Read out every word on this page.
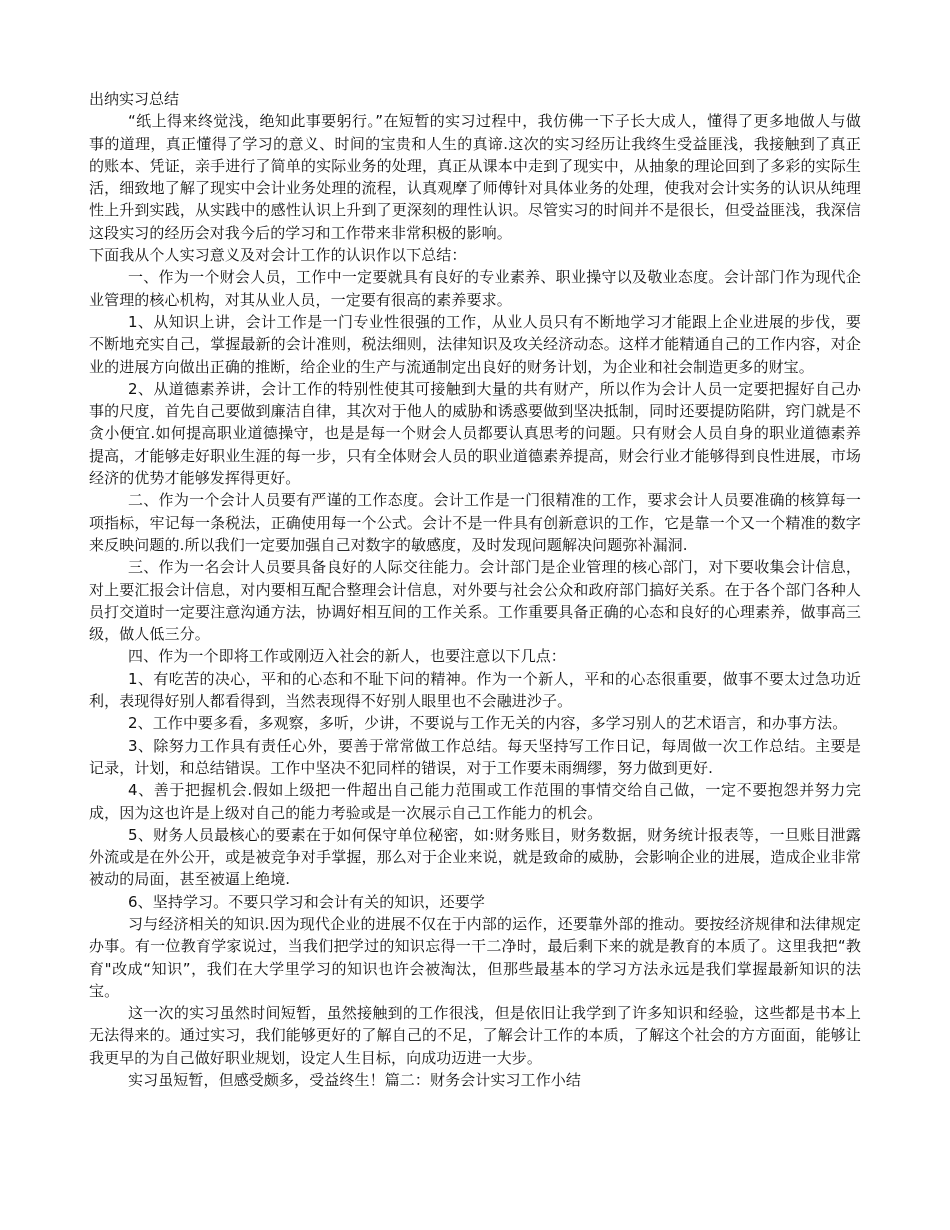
出纳实习总结

“纸上得来终觉浅，绝知此事要躬行。”在短暂的实习过程中，我仿佛一下子长大成人，懂得了更多地做人与做事的道理，真正懂得了学习的意义、时间的宝贵和人生的真谛.这次的实习经历让我终生受益匪浅，我接触到了真正的账本、凭证，亲手进行了简单的实际业务的处理，真正从课本中走到了现实中，从抽象的理论回到了多彩的实际生活，细致地了解了现实中会计业务处理的流程，认真观摩了师傅针对具体业务的处理，使我对会计实务的认识从纯理性上升到实践，从实践中的感性认识上升到了更深刻的理性认识。尽管实习的时间并不是很长，但受益匪浅，我深信这段实习的经历会对我今后的学习和工作带来非常积极的影响。

下面我从个人实习意义及对会计工作的认识作以下总结：

一、作为一个财会人员，工作中一定要就具有良好的专业素养、职业操守以及敬业态度。会计部门作为现代企业管理的核心机构，对其从业人员，一定要有很高的素养要求。

1、从知识上讲，会计工作是一门专业性很强的工作，从业人员只有不断地学习才能跟上企业进展的步伐，要不断地充实自己，掌握最新的会计准则，税法细则，法律知识及攻关经济动态。这样才能精通自己的工作内容，对企业的进展方向做出正确的推断，给企业的生产与流通制定出良好的财务计划，为企业和社会制造更多的财宝。

2、从道德素养讲，会计工作的特别性使其可接触到大量的共有财产，所以作为会计人员一定要把握好自己办事的尺度，首先自己要做到廉洁自律，其次对于他人的威胁和诱惑要做到坚决抵制，同时还要提防陷阱，窍门就是不贪小便宜.如何提高职业道德操守，也是是每一个财会人员都要认真思考的问题。只有财会人员自身的职业道德素养提高，才能够走好职业生涯的每一步，只有全体财会人员的职业道德素养提高，财会行业才能够得到良性进展，市场经济的优势才能够发挥得更好。

二、作为一个会计人员要有严谨的工作态度。会计工作是一门很精准的工作，要求会计人员要准确的核算每一项指标，牢记每一条税法，正确使用每一个公式。会计不是一件具有创新意识的工作，它是靠一个又一个精准的数字来反映问题的.所以我们一定要加强自己对数字的敏感度，及时发现问题解决问题弥补漏洞.

三、作为一名会计人员要具备良好的人际交往能力。会计部门是企业管理的核心部门，对下要收集会计信息，对上要汇报会计信息，对内要相互配合整理会计信息，对外要与社会公众和政府部门搞好关系。在于各个部门各种人员打交道时一定要注意沟通方法，协调好相互间的工作关系。工作重要具备正确的心态和良好的心理素养，做事高三级，做人低三分。

四、作为一个即将工作或刚迈入社会的新人，也要注意以下几点：

1、有吃苦的决心，平和的心态和不耻下问的精神。作为一个新人，平和的心态很重要，做事不要太过急功近利，表现得好别人都看得到，当然表现得不好别人眼里也不会融进沙子。

2、工作中要多看，多观察，多听，少讲，不要说与工作无关的内容，多学习别人的艺术语言，和办事方法。

3、除努力工作具有责任心外，要善于常常做工作总结。每天坚持写工作日记，每周做一次工作总结。主要是记录，计划，和总结错误。工作中坚决不犯同样的错误，对于工作要未雨绸缪，努力做到更好.

4、善于把握机会.假如上级把一件超出自己能力范围或工作范围的事情交给自己做，一定不要抱怨并努力完成，因为这也许是上级对自己的能力考验或是一次展示自己工作能力的机会。

5、财务人员最核心的要素在于如何保守单位秘密，如:财务账目，财务数据，财务统计报表等，一旦账目泄露外流或是在外公开，或是被竞争对手掌握，那么对于企业来说，就是致命的威胁，会影响企业的进展，造成企业非常被动的局面，甚至被逼上绝境.

6、坚持学习。不要只学习和会计有关的知识，还要学

习与经济相关的知识.因为现代企业的进展不仅在于内部的运作，还要靠外部的推动。要按经济规律和法律规定办事。有一位教育学家说过，当我们把学过的知识忘得一干二净时，最后剩下来的就是教育的本质了。这里我把“教育"改成“知识”，我们在大学里学习的知识也许会被淘汰，但那些最基本的学习方法永远是我们掌握最新知识的法宝。

这一次的实习虽然时间短暂，虽然接触到的工作很浅，但是依旧让我学到了许多知识和经验，这些都是书本上无法得来的。通过实习，我们能够更好的了解自己的不足，了解会计工作的本质，了解这个社会的方方面面，能够让我更早的为自己做好职业规划，设定人生目标，向成功迈进一大步。

实习虽短暂，但感受颇多，受益终生！篇二：财务会计实习工作小结
